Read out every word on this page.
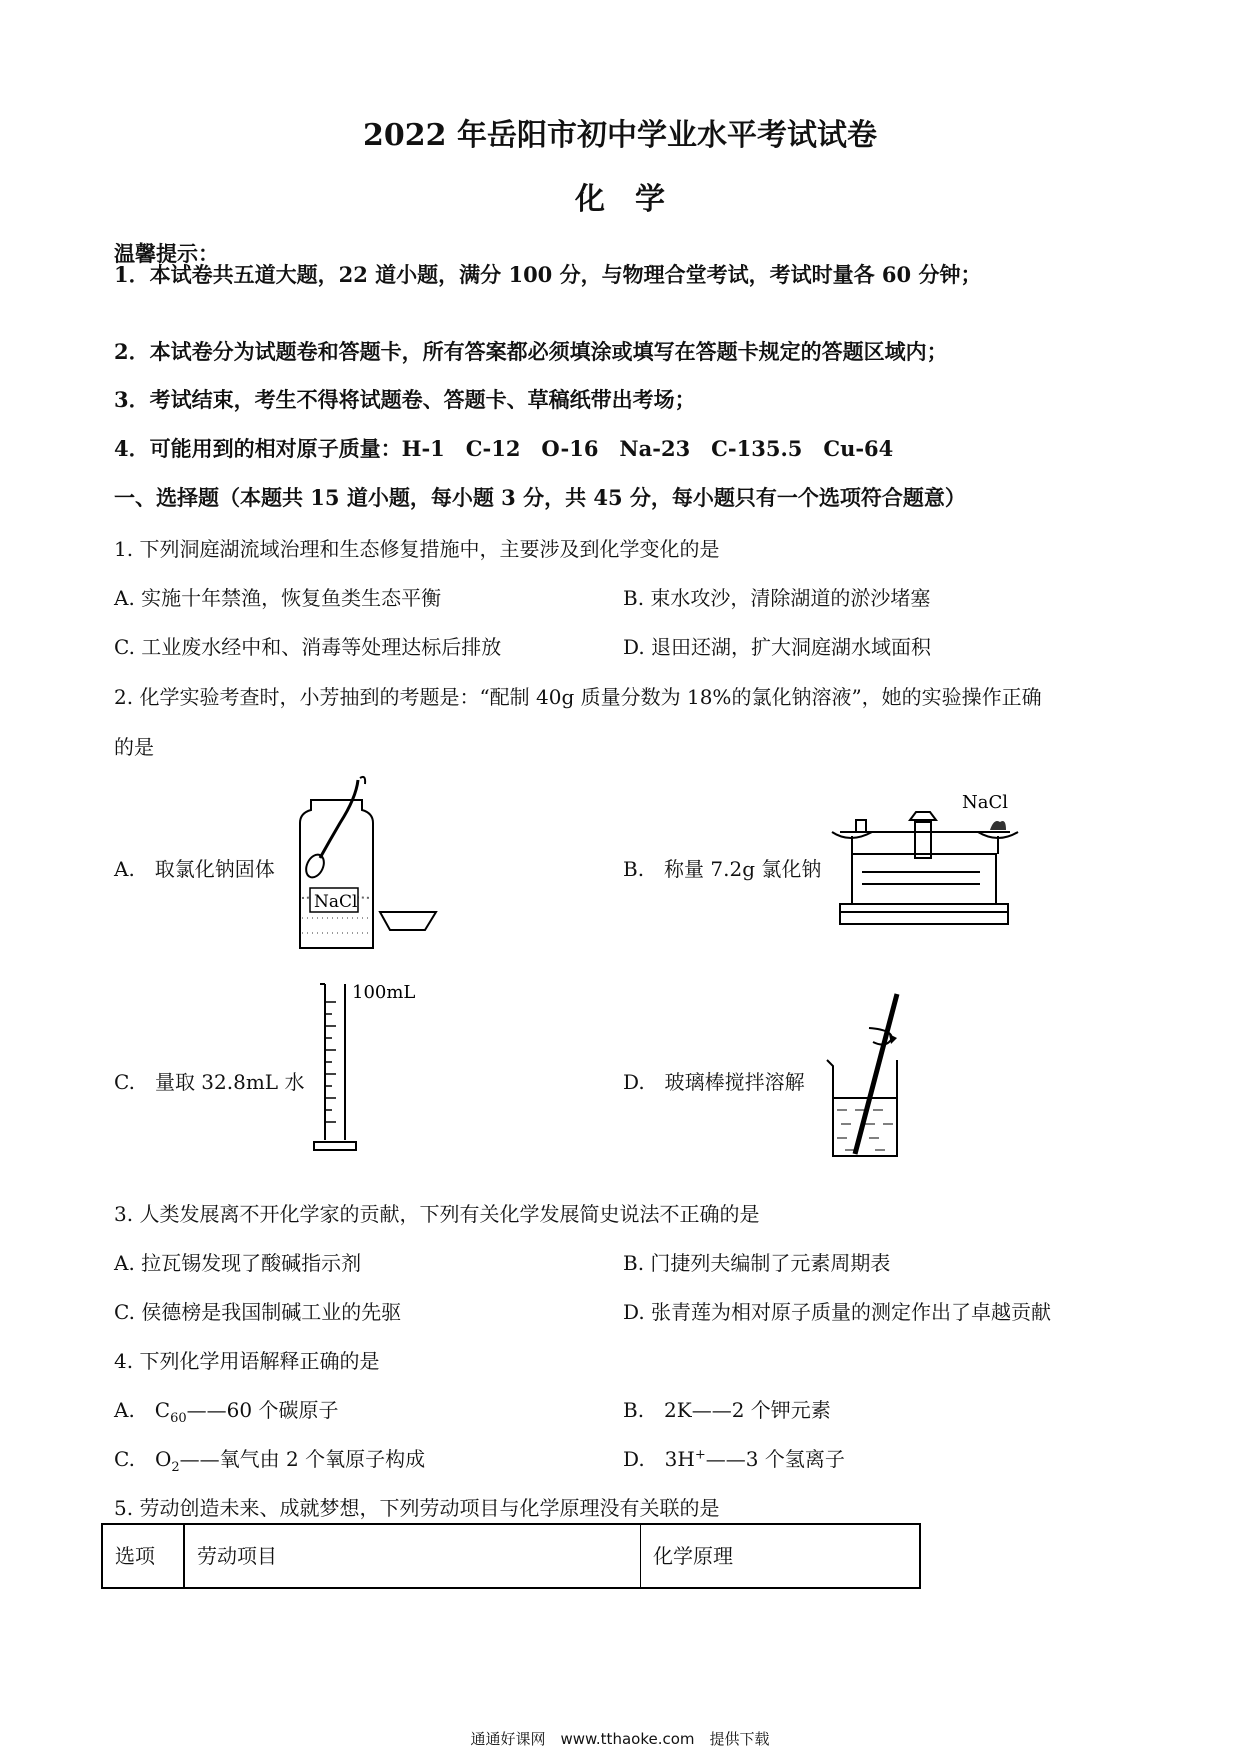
2022 年岳阳市初中学业水平考试试卷
化　学
温馨提示：
1．本试卷共五道大题，22 道小题，满分 100 分，与物理合堂考试，考试时量各 60 分钟；
2．本试卷分为试题卷和答题卡，所有答案都必须填涂或填写在答题卡规定的答题区域内；
3．考试结束，考生不得将试题卷、答题卡、草稿纸带出考场；
4．可能用到的相对原子质量：H-1　C-12　O-16　Na-23　C-135.5　Cu-64
一、选择题（本题共 15 道小题，每小题 3 分，共 45 分，每小题只有一个选项符合题意）
1. 下列洞庭湖流域治理和生态修复措施中，主要涉及到化学变化的是
A. 实施十年禁渔，恢复鱼类生态平衡	B. 束水攻沙，清除湖道的淤沙堵塞
C. 工业废水经中和、消毒等处理达标后排放	D. 退田还湖，扩大洞庭湖水域面积
2. 化学实验考查时，小芳抽到的考题是：“配制 40g 质量分数为 18%的氯化钠溶液”，她的实验操作正确
的是
A.　取氯化钠固体	B.　称量 7.2g 氯化钠
C.　量取 32.8mL 水	D.　玻璃棒搅拌溶解
NaCl
NaCl
100mL
3. 人类发展离不开化学家的贡献，下列有关化学发展简史说法不正确的是
A. 拉瓦锡发现了酸碱指示剂	B. 门捷列夫编制了元素周期表
C. 侯德榜是我国制碱工业的先驱	D. 张青莲为相对原子质量的测定作出了卓越贡献
4. 下列化学用语解释正确的是
A.　$C_{60}——60$ 个碳原子	B.　2K——2 个钾元素
C.　$O_2——$氧气由 2 个氧原子构成	D.　3H+——3 个氢离子
5. 劳动创造未来、成就梦想，下列劳动项目与化学原理没有关联的是
选项	劳动项目	化学原理
通通好课网　www.tthaoke.com　提供下载
